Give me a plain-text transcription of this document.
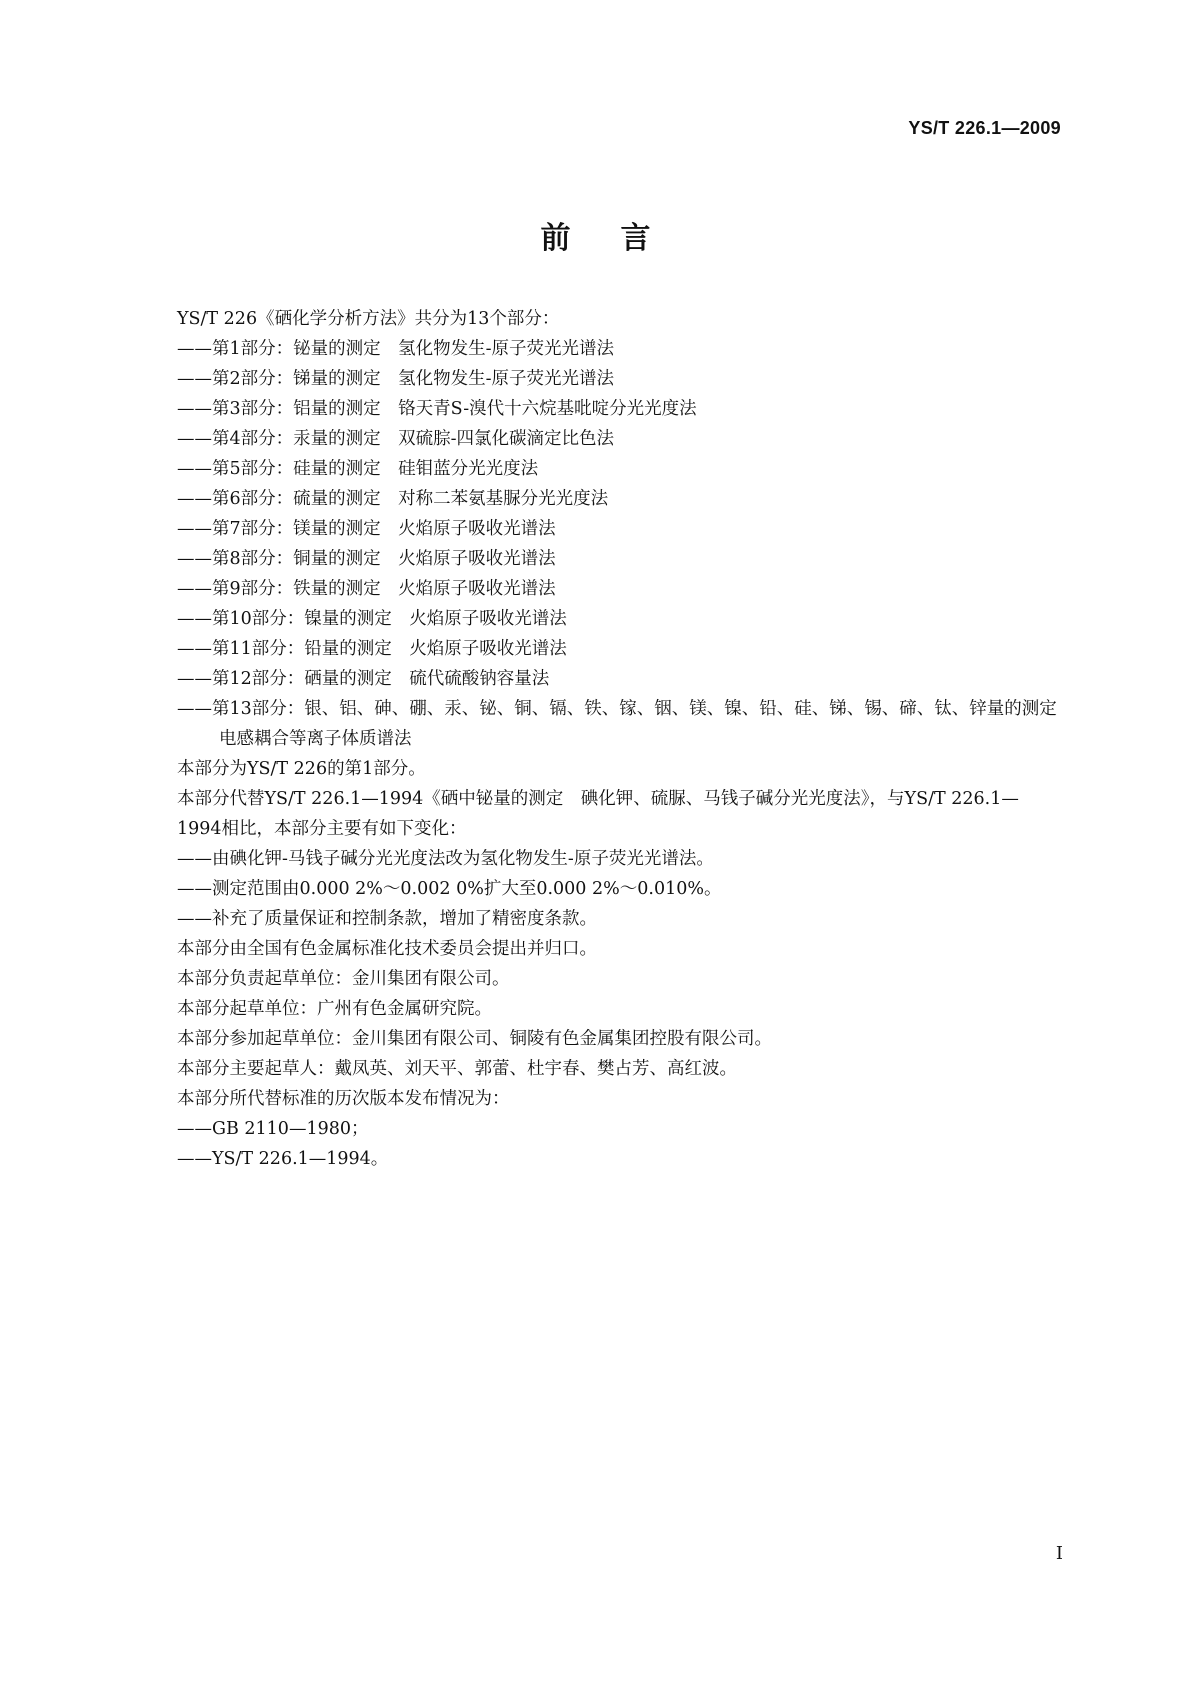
YS/T 226.1—2009

前言

YS/T 226《硒化学分析方法》共分为13个部分：

——第1部分：铋量的测定　氢化物发生-原子荧光光谱法

——第2部分：锑量的测定　氢化物发生-原子荧光光谱法

——第3部分：铝量的测定　铬天青S-溴代十六烷基吡啶分光光度法

——第4部分：汞量的测定　双硫腙-四氯化碳滴定比色法

——第5部分：硅量的测定　硅钼蓝分光光度法

——第6部分：硫量的测定　对称二苯氨基脲分光光度法

——第7部分：镁量的测定　火焰原子吸收光谱法

——第8部分：铜量的测定　火焰原子吸收光谱法

——第9部分：铁量的测定　火焰原子吸收光谱法

——第10部分：镍量的测定　火焰原子吸收光谱法

——第11部分：铅量的测定　火焰原子吸收光谱法

——第12部分：硒量的测定　硫代硫酸钠容量法

——第13部分：银、铝、砷、硼、汞、铋、铜、镉、铁、镓、铟、镁、镍、铅、硅、锑、锡、碲、钛、锌量的测定

电感耦合等离子体质谱法

本部分为YS/T 226的第1部分。

本部分代替YS/T 226.1—1994《硒中铋量的测定　碘化钾、硫脲、马钱子碱分光光度法》，与YS/T 226.1—1994相比，本部分主要有如下变化：

——由碘化钾-马钱子碱分光光度法改为氢化物发生-原子荧光光谱法。

——测定范围由0.000 2%～0.002 0%扩大至0.000 2%～0.010%。

——补充了质量保证和控制条款，增加了精密度条款。

本部分由全国有色金属标准化技术委员会提出并归口。

本部分负责起草单位：金川集团有限公司。

本部分起草单位：广州有色金属研究院。

本部分参加起草单位：金川集团有限公司、铜陵有色金属集团控股有限公司。

本部分主要起草人：戴凤英、刘天平、郭蕾、杜宇春、樊占芳、高红波。

本部分所代替标准的历次版本发布情况为：

——GB 2110—1980；

——YS/T 226.1—1994。

I
